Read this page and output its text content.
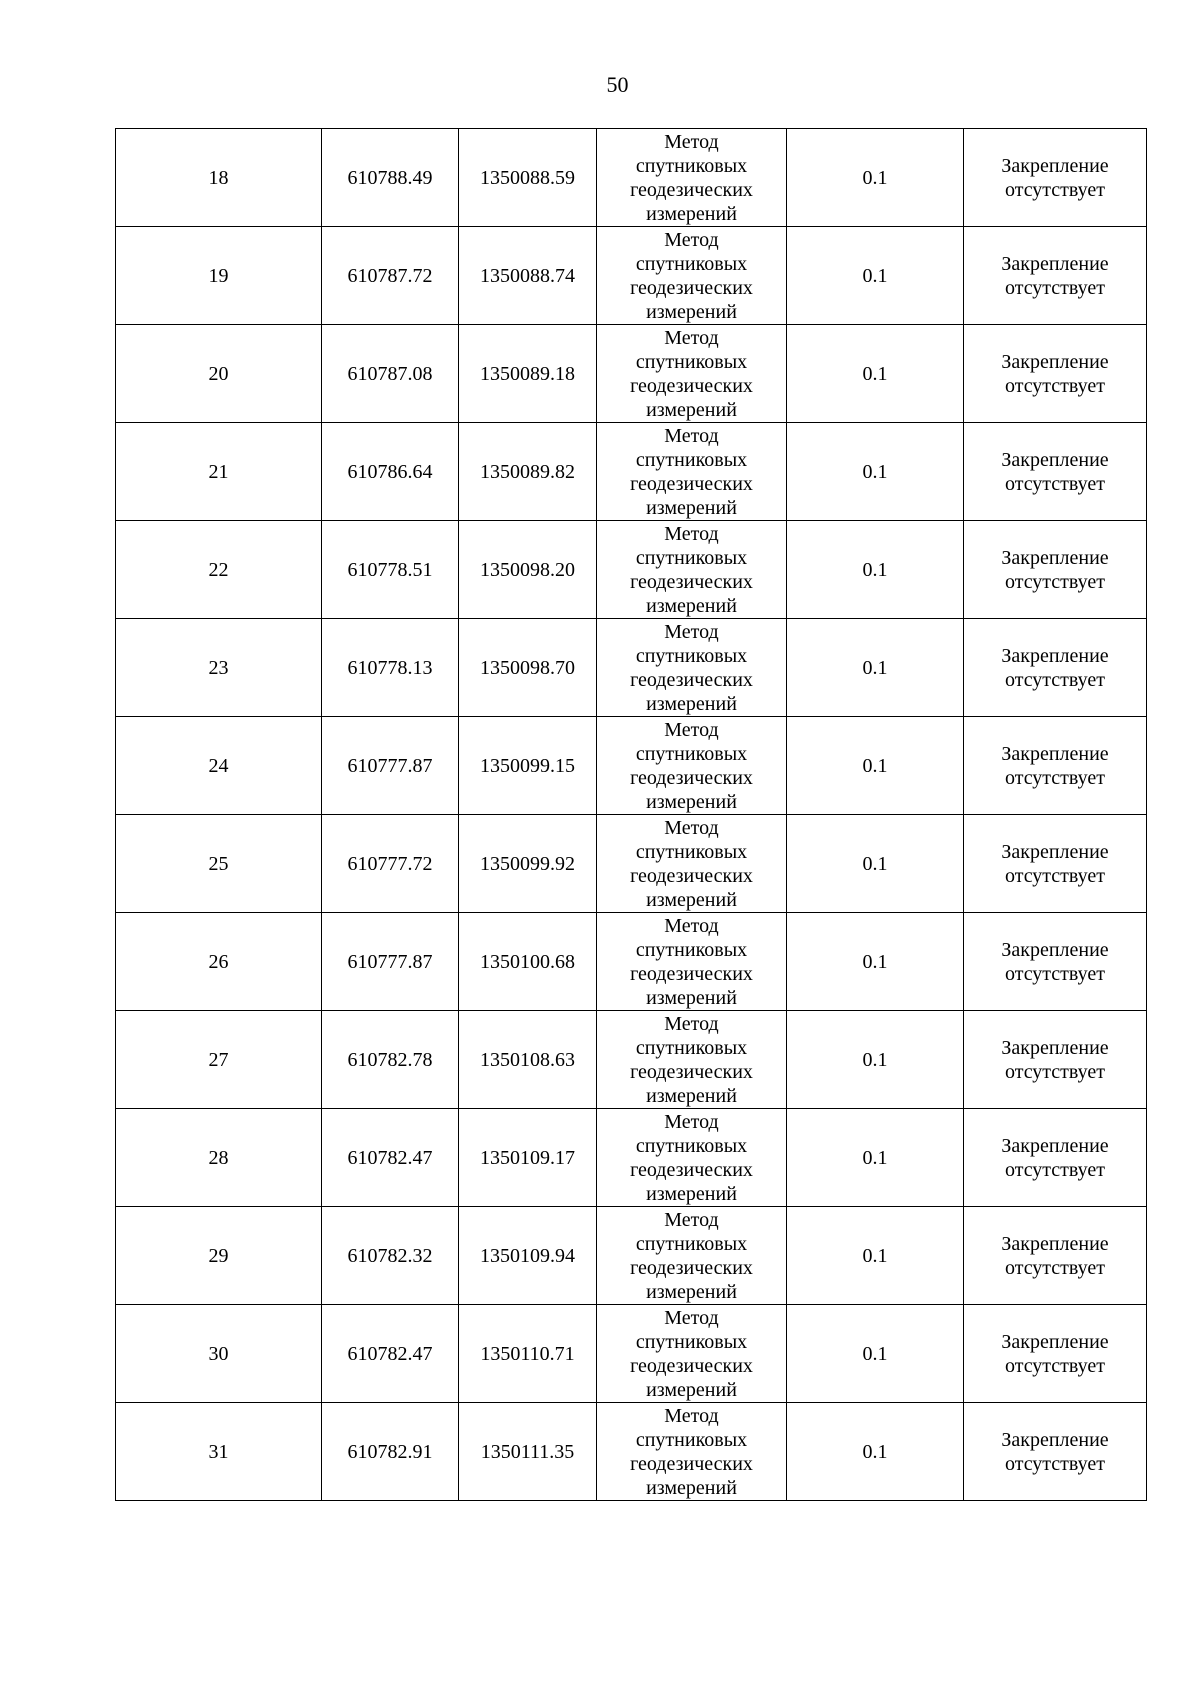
50
18	610788.49	1350088.59	Метод
спутниковых
геодезических
измерений	0.1	Закрепление
отсутствует

19	610787.72	1350088.74	Метод
спутниковых
геодезических
измерений	0.1	Закрепление
отсутствует

20	610787.08	1350089.18	Метод
спутниковых
геодезических
измерений	0.1	Закрепление
отсутствует

21	610786.64	1350089.82	Метод
спутниковых
геодезических
измерений	0.1	Закрепление
отсутствует

22	610778.51	1350098.20	Метод
спутниковых
геодезических
измерений	0.1	Закрепление
отсутствует

23	610778.13	1350098.70	Метод
спутниковых
геодезических
измерений	0.1	Закрепление
отсутствует

24	610777.87	1350099.15	Метод
спутниковых
геодезических
измерений	0.1	Закрепление
отсутствует

25	610777.72	1350099.92	Метод
спутниковых
геодезических
измерений	0.1	Закрепление
отсутствует

26	610777.87	1350100.68	Метод
спутниковых
геодезических
измерений	0.1	Закрепление
отсутствует

27	610782.78	1350108.63	Метод
спутниковых
геодезических
измерений	0.1	Закрепление
отсутствует

28	610782.47	1350109.17	Метод
спутниковых
геодезических
измерений	0.1	Закрепление
отсутствует

29	610782.32	1350109.94	Метод
спутниковых
геодезических
измерений	0.1	Закрепление
отсутствует

30	610782.47	1350110.71	Метод
спутниковых
геодезических
измерений	0.1	Закрепление
отсутствует

31	610782.91	1350111.35	Метод
спутниковых
геодезических
измерений	0.1	Закрепление
отсутствует
